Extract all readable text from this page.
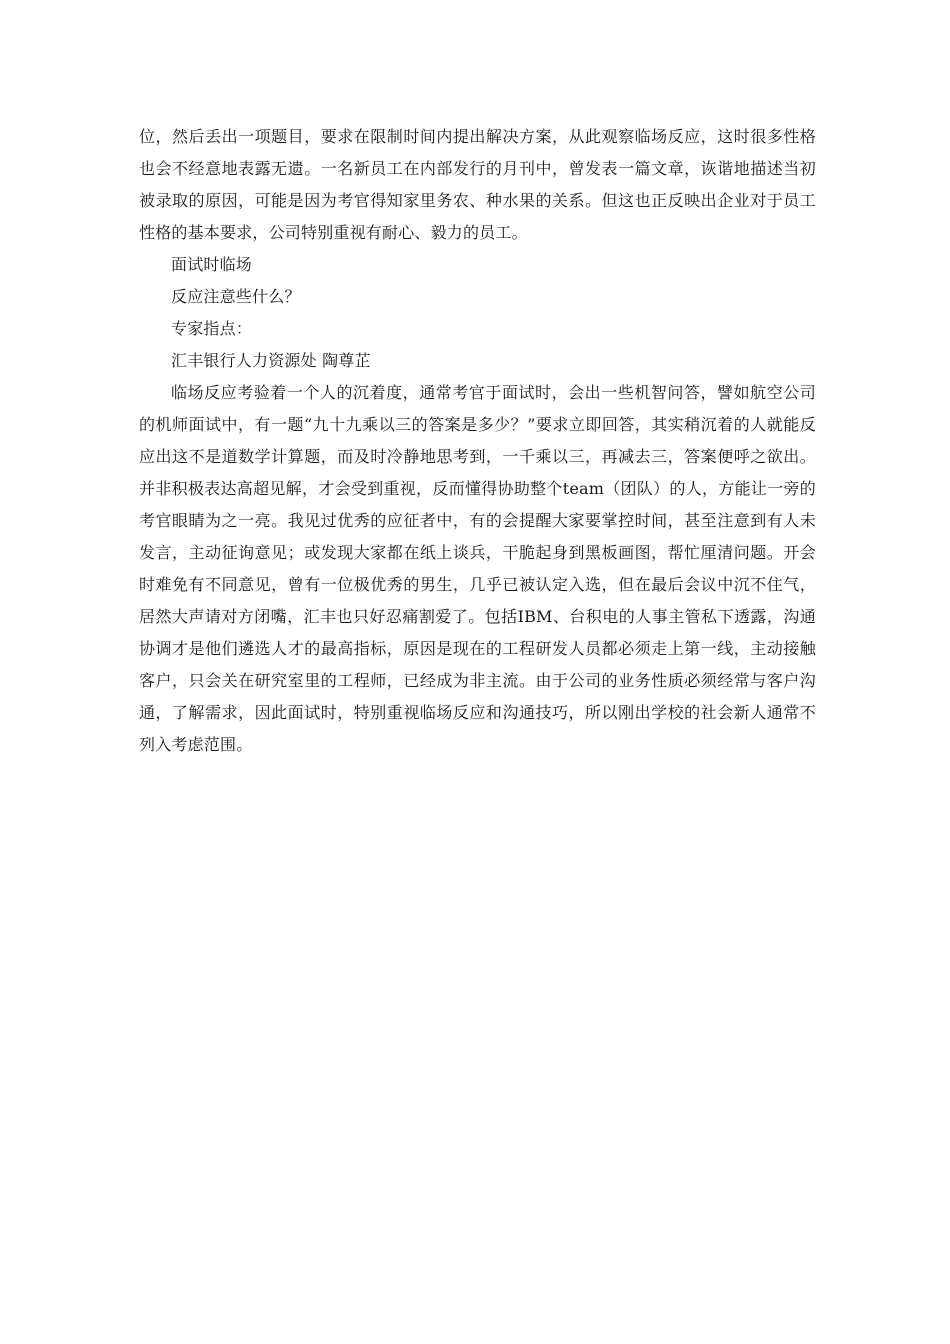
位，然后丢出一项题目，要求在限制时间内提出解决方案，从此观察临场反应，这时很多性格也会不经意地表露无遗。一名新员工在内部发行的月刊中，曾发表一篇文章，诙谐地描述当初被录取的原因，可能是因为考官得知家里务农、种水果的关系。但这也正反映出企业对于员工性格的基本要求，公司特别重视有耐心、毅力的员工。

面试时临场

反应注意些什么？

专家指点：

汇丰银行人力资源处 陶尊芷

临场反应考验着一个人的沉着度，通常考官于面试时，会出一些机智问答，譬如航空公司的机师面试中，有一题“九十九乘以三的答案是多少？”要求立即回答，其实稍沉着的人就能反应出这不是道数学计算题，而及时冷静地思考到，一千乘以三，再减去三，答案便呼之欲出。并非积极表达高超见解，才会受到重视，反而懂得协助整个team（团队）的人，方能让一旁的考官眼睛为之一亮。我见过优秀的应征者中，有的会提醒大家要掌控时间，甚至注意到有人未发言，主动征询意见；或发现大家都在纸上谈兵，干脆起身到黑板画图，帮忙厘清问题。开会时难免有不同意见，曾有一位极优秀的男生，几乎已被认定入选，但在最后会议中沉不住气，居然大声请对方闭嘴，汇丰也只好忍痛割爱了。包括IBM、台积电的人事主管私下透露，沟通协调才是他们遴选人才的最高指标，原因是现在的工程研发人员都必须走上第一线，主动接触客户，只会关在研究室里的工程师，已经成为非主流。由于公司的业务性质必须经常与客户沟通，了解需求，因此面试时，特别重视临场反应和沟通技巧，所以刚出学校的社会新人通常不列入考虑范围。
